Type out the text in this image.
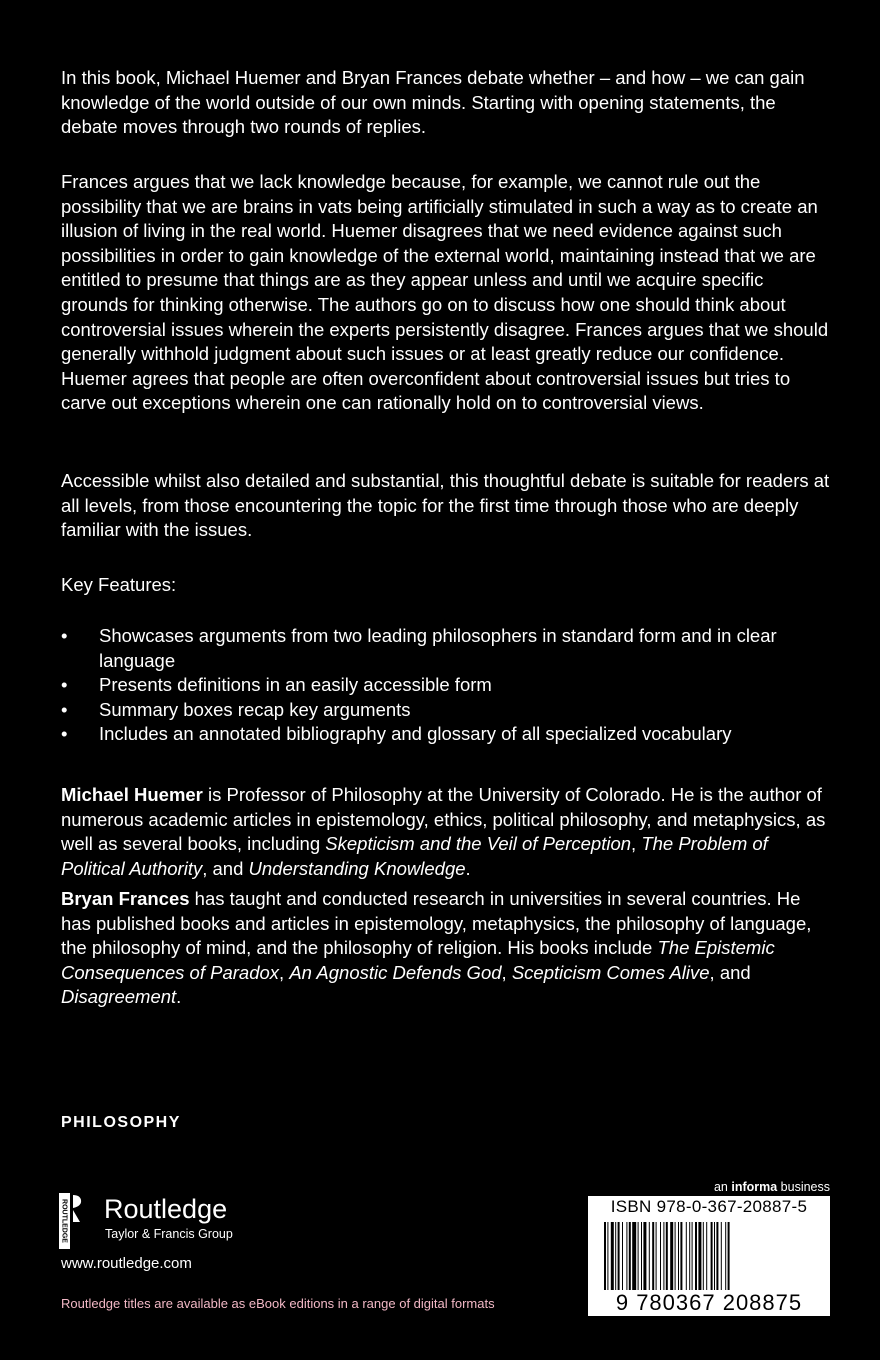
In this book, Michael Huemer and Bryan Frances debate whether – and how – we can gain knowledge of the world outside of our own minds. Starting with opening statements, the debate moves through two rounds of replies.

Frances argues that we lack knowledge because, for example, we cannot rule out the possibility that we are brains in vats being artificially stimulated in such a way as to create an illusion of living in the real world. Huemer disagrees that we need evidence against such possibilities in order to gain knowledge of the external world, maintaining instead that we are entitled to presume that things are as they appear unless and until we acquire specific grounds for thinking otherwise. The authors go on to discuss how one should think about controversial issues wherein the experts persistently disagree. Frances argues that we should generally withhold judgment about such issues or at least greatly reduce our confidence. Huemer agrees that people are often overconfident about controversial issues but tries to carve out exceptions wherein one can rationally hold on to controversial views.

Accessible whilst also detailed and substantial, this thoughtful debate is suitable for readers at all levels, from those encountering the topic for the first time through those who are deeply familiar with the issues.

Key Features:

• Showcases arguments from two leading philosophers in standard form and in clear language
• Presents definitions in an easily accessible form
• Summary boxes recap key arguments
• Includes an annotated bibliography and glossary of all specialized vocabulary

Michael Huemer is Professor of Philosophy at the University of Colorado. He is the author of numerous academic articles in epistemology, ethics, political philosophy, and metaphysics, as well as several books, including Skepticism and the Veil of Perception, The Problem of Political Authority, and Understanding Knowledge.

Bryan Frances has taught and conducted research in universities in several countries. He has published books and articles in epistemology, metaphysics, the philosophy of language, the philosophy of mind, and the philosophy of religion. His books include The Epistemic Consequences of Paradox, An Agnostic Defends God, Scepticism Comes Alive, and Disagreement.

PHILOSOPHY
ROUTLEDGE Routledge
Taylor & Francis Group
www.routledge.com
Routledge titles are available as eBook editions in a range of digital formats
an informa business
ISBN 978-0-367-20887-5
9 780367 208875
